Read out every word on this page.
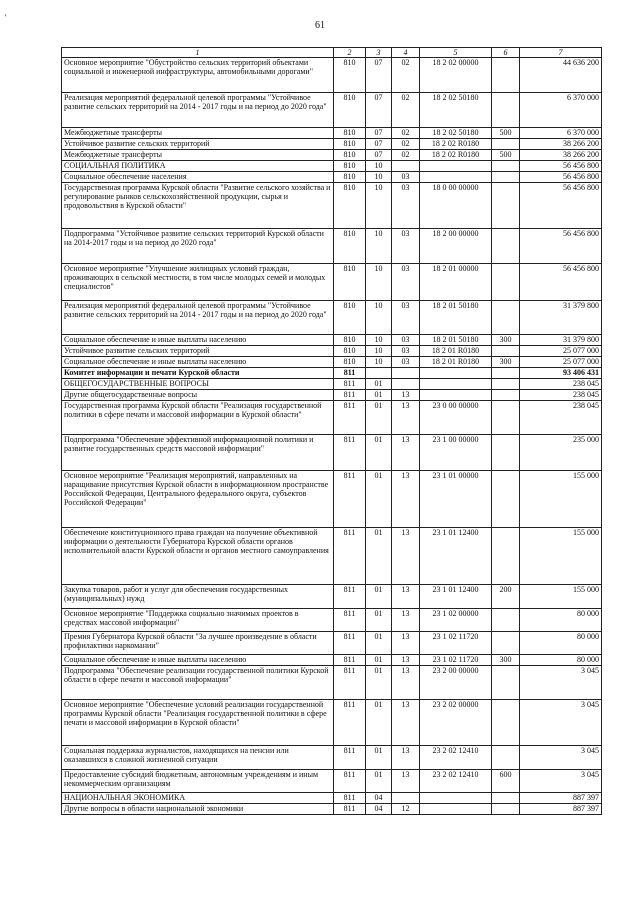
'
61
1	2	3	4	5	6	7
Основное мероприятие "Обустройство сельских территорий объектами социальной и инженерной инфраструктуры, автомобильными дорогами"	810	07	02	18 2 02 00000		44 636 200
Реализация мероприятий федеральной целевой программы "Устойчивое развитие сельских территорий на 2014 - 2017 годы и на период до 2020 года"	810	07	02	18 2 02 50180		6 370 000
Межбюджетные трансферты	810	07	02	18 2 02 50180	500	6 370 000
Устойчивое развитие сельских территорий	810	07	02	18 2 02 R0180		38 266 200
Межбюджетные трансферты	810	07	02	18 2 02 R0180	500	38 266 200
СОЦИАЛЬНАЯ ПОЛИТИКА	810	10				56 456 800
Социальное обеспечение населения	810	10	03			56 456 800
Государственная программа Курской области "Развитие сельского хозяйства и регулирование рынков сельскохозяйственной продукции, сырья и продовольствия в Курской области"	810	10	03	18 0 00 00000		56 456 800
Подпрограмма "Устойчивое развитие сельских территорий Курской области на 2014-2017 годы и на период до 2020 года"	810	10	03	18 2 00 00000		56 456 800
Основное мероприятие "Улучшение жилищных условий граждан, проживающих в сельской местности, в том числе молодых семей и молодых специалистов"	810	10	03	18 2 01 00000		56 456 800
Реализация мероприятий федеральной целевой программы "Устойчивое развитие сельских территорий на 2014 - 2017 годы и на период до 2020 года"	810	10	03	18 2 01 50180		31 379 800
Социальное обеспечение и иные выплаты населению	810	10	03	18 2 01 50180	300	31 379 800
Устойчивое развитие сельских территорий	810	10	03	18 2 01 R0180		25 077 000
Социальное обеспечение и иные выплаты населению	810	10	03	18 2 01 R0180	300	25 077 000
Комитет информации и печати Курской области	811					93 406 431
ОБЩЕГОСУДАРСТВЕННЫЕ ВОПРОСЫ	811	01				238 045
Другие общегосударственные вопросы	811	01	13			238 045
Государственная программа Курской области "Реализация государственной политики в сфере печати и массовой информации в Курской области"	811	01	13	23 0 00 00000		238 045
Подпрограмма "Обеспечение эффективной информационной политики и развитие государственных средств массовой информации"	811	01	13	23 1 00 00000		235 000
Основное мероприятие "Реализация мероприятий, направленных на наращивание присутствия Курской области в информационном пространстве Российской Федерации, Центрального федерального округа, субъектов Российской Федерации"	811	01	13	23 1 01 00000		155 000
Обеспечение конституционного права граждан на получение объективной информации о деятельности Губернатора Курской области органов исполнительной власти Курской области и органов местного самоуправления	811	01	13	23 1 01 12400		155 000
Закупка товаров, работ и услуг для обеспечения государственных (муниципальных) нужд	811	01	13	23 1 01 12400	200	155 000
Основное мероприятие "Поддержка социально значимых проектов в средствах массовой информации"	811	01	13	23 1 02 00000		80 000
Премия Губернатора Курской области "За лучшее произведение в области профилактики наркомании"	811	01	13	23 1 02 11720		80 000
Социальное обеспечение и иные выплаты населению	811	01	13	23 1 02 11720	300	80 000
Подпрограмма "Обеспечение реализации государственной политики Курской области в сфере печати и массовой информации"	811	01	13	23 2 00 00000		3 045
Основное мероприятие "Обеспечение условий реализации государственной программы Курской области "Реализация государственной политики в сфере печати и массовой информации в Курской области"	811	01	13	23 2 02 00000		3 045
Социальная поддержка журналистов, находящихся на пенсии или оказавшихся в сложной жизненной ситуации	811	01	13	23 2 02 12410		3 045
Предоставление субсидий бюджетным, автономным учреждениям и иным некоммерческим организациям	811	01	13	23 2 02 12410	600	3 045
НАЦИОНАЛЬНАЯ ЭКОНОМИКА	811	04				887 397
Другие вопросы в области национальной экономики	811	04	12			887 397
